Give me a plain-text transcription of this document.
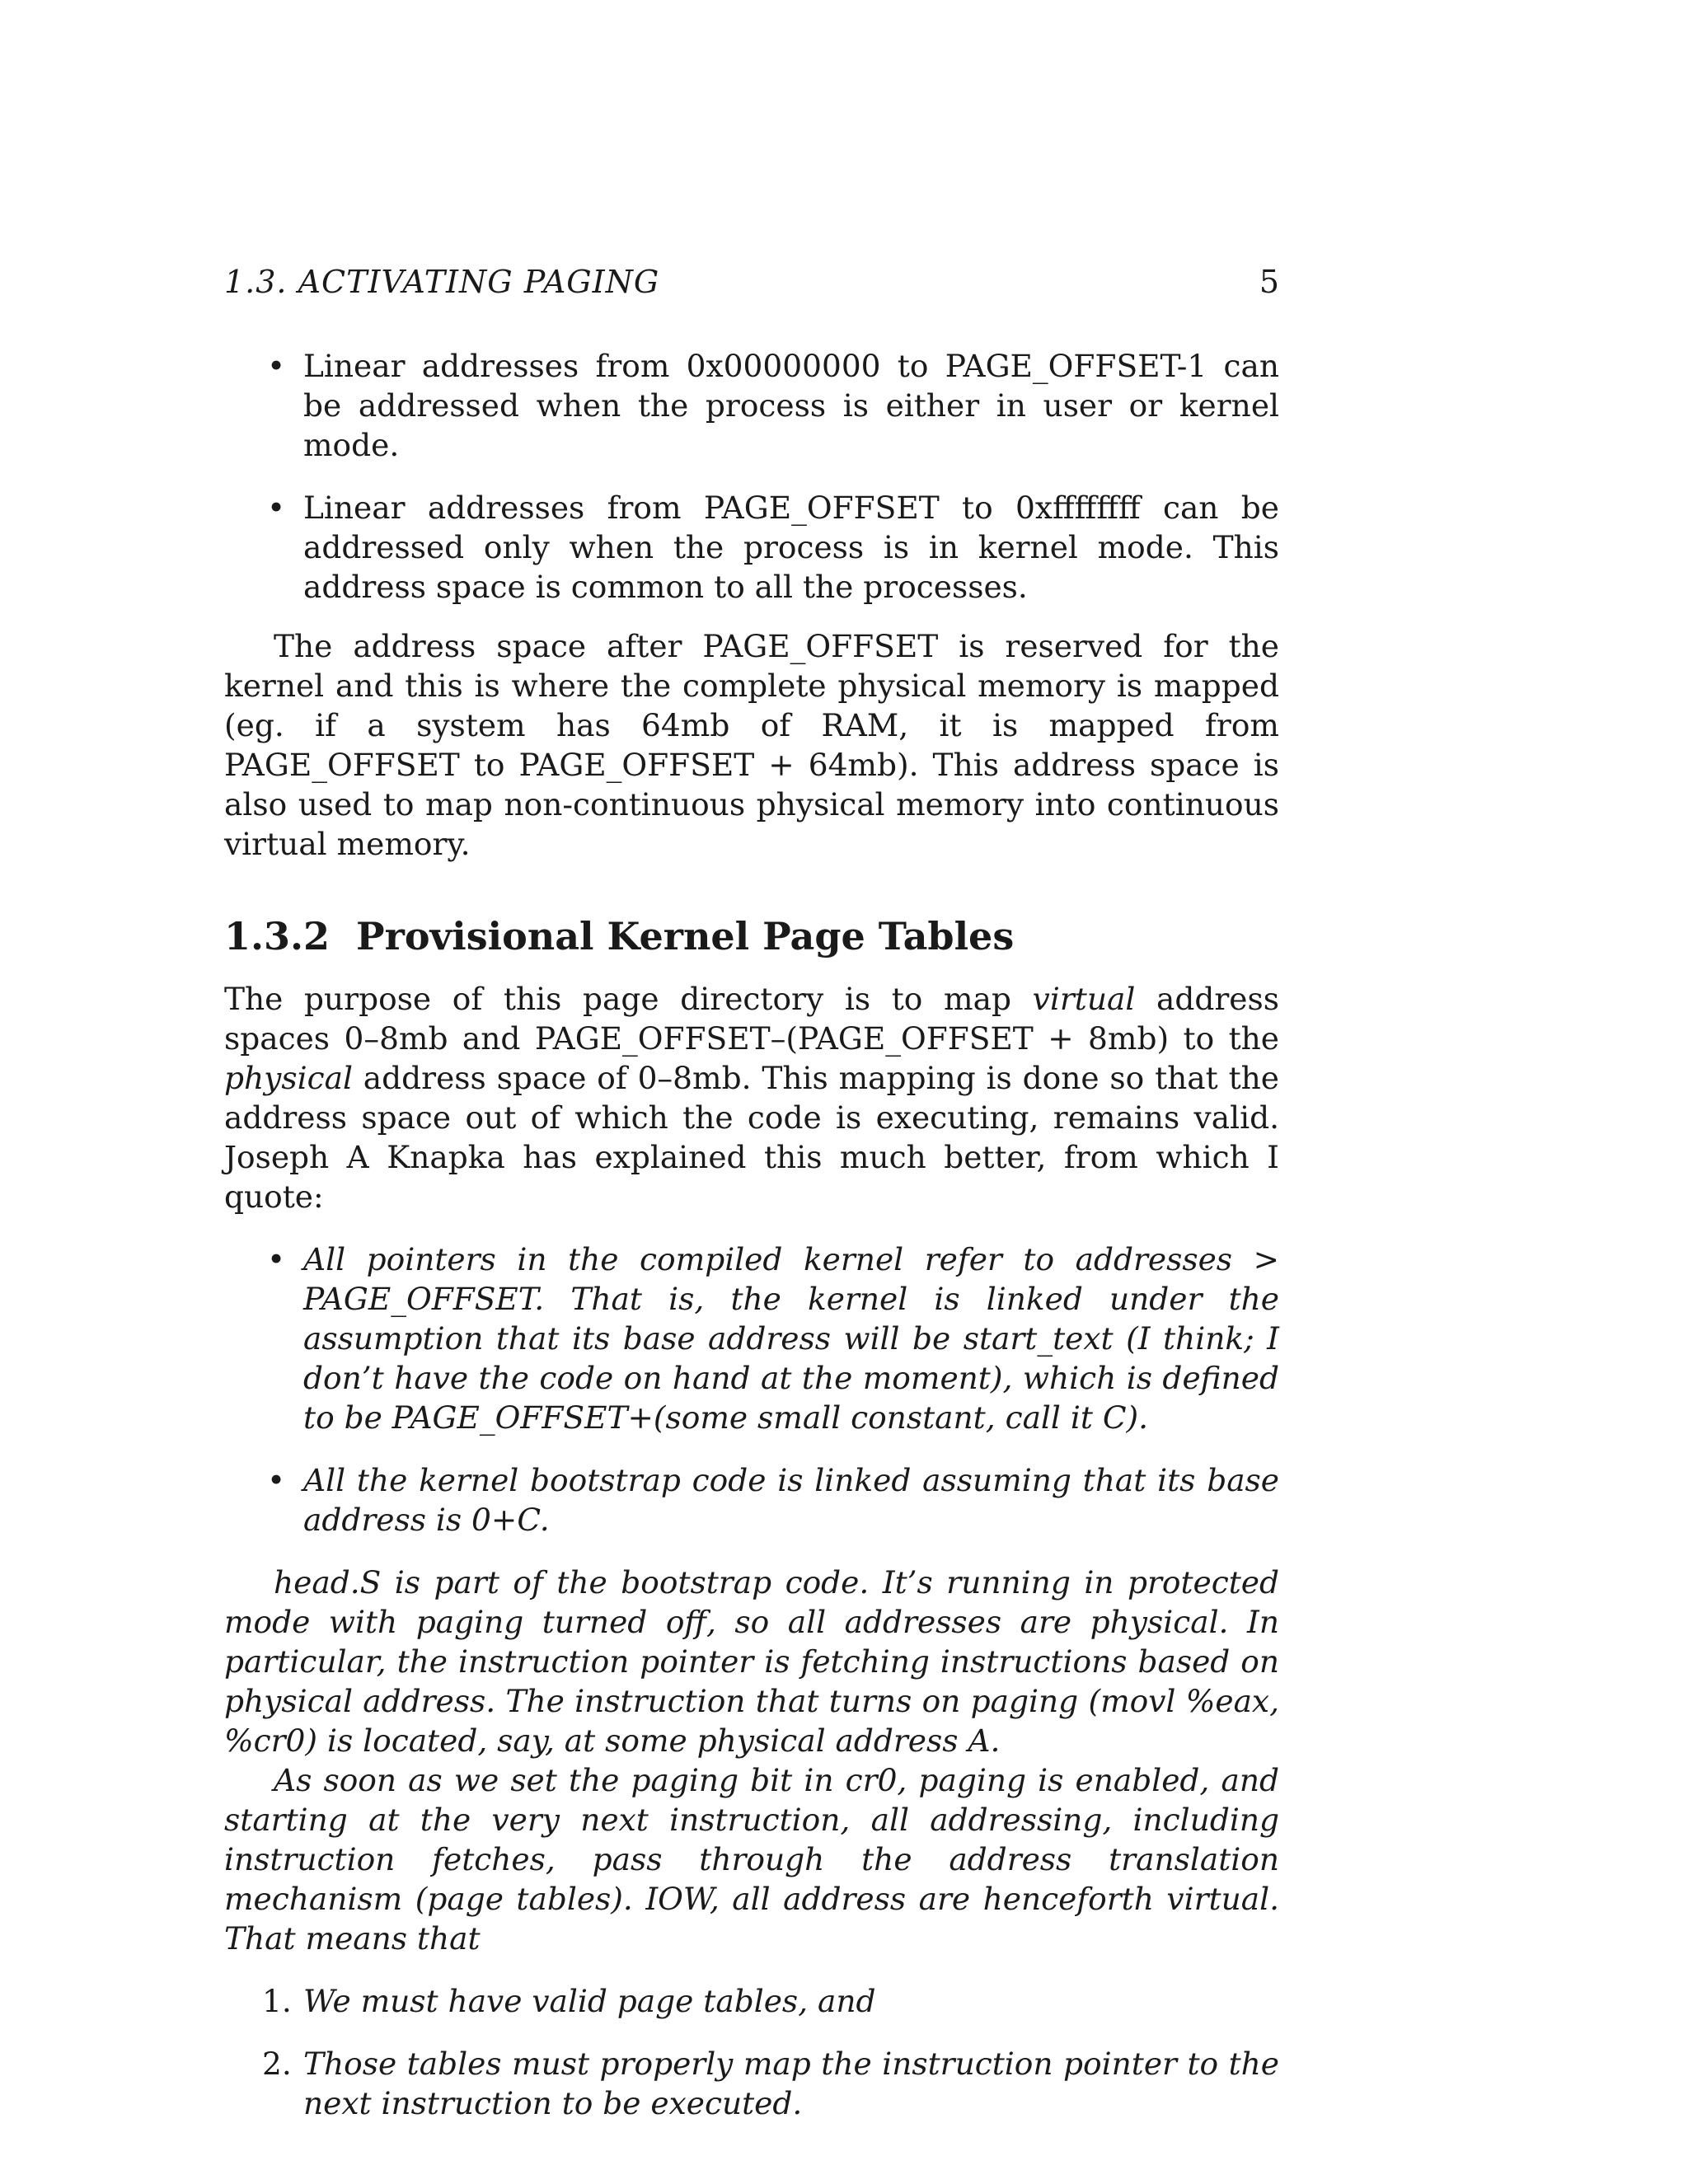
1.3. ACTIVATING PAGING	5
• Linear addresses from 0x00000000 to PAGE_OFFSET-1 can be addressed when the process is either in user or kernel mode.
• Linear addresses from PAGE_OFFSET to 0xffffffff can be addressed only when the process is in kernel mode. This address space is common to all the processes.

The address space after PAGE_OFFSET is reserved for the kernel and this is where the complete physical memory is mapped (eg. if a system has 64mb of RAM, it is mapped from PAGE_OFFSET to PAGE_OFFSET + 64mb). This address space is also used to map non-continuous physical memory into continuous virtual memory.

1.3.2 Provisional Kernel Page Tables

The purpose of this page directory is to map virtual address spaces 0–8mb and PAGE_OFFSET–(PAGE_OFFSET + 8mb) to the physical address space of 0–8mb. This mapping is done so that the address space out of which the code is executing, remains valid. Joseph A Knapka has explained this much better, from which I quote:

• All pointers in the compiled kernel refer to addresses > PAGE_OFFSET. That is, the kernel is linked under the assumption that its base address will be start_text (I think; I don’t have the code on hand at the moment), which is defined to be PAGE_OFFSET+(some small constant, call it C).
• All the kernel bootstrap code is linked assuming that its base address is 0+C.

head.S is part of the bootstrap code. It’s running in protected mode with paging turned off, so all addresses are physical. In particular, the instruction pointer is fetching instructions based on physical address. The instruction that turns on paging (movl %eax, %cr0) is located, say, at some physical address A.

As soon as we set the paging bit in cr0, paging is enabled, and starting at the very next instruction, all addressing, including instruction fetches, pass through the address translation mechanism (page tables). IOW, all address are henceforth virtual. That means that

1. We must have valid page tables, and
2. Those tables must properly map the instruction pointer to the next instruction to be executed.
